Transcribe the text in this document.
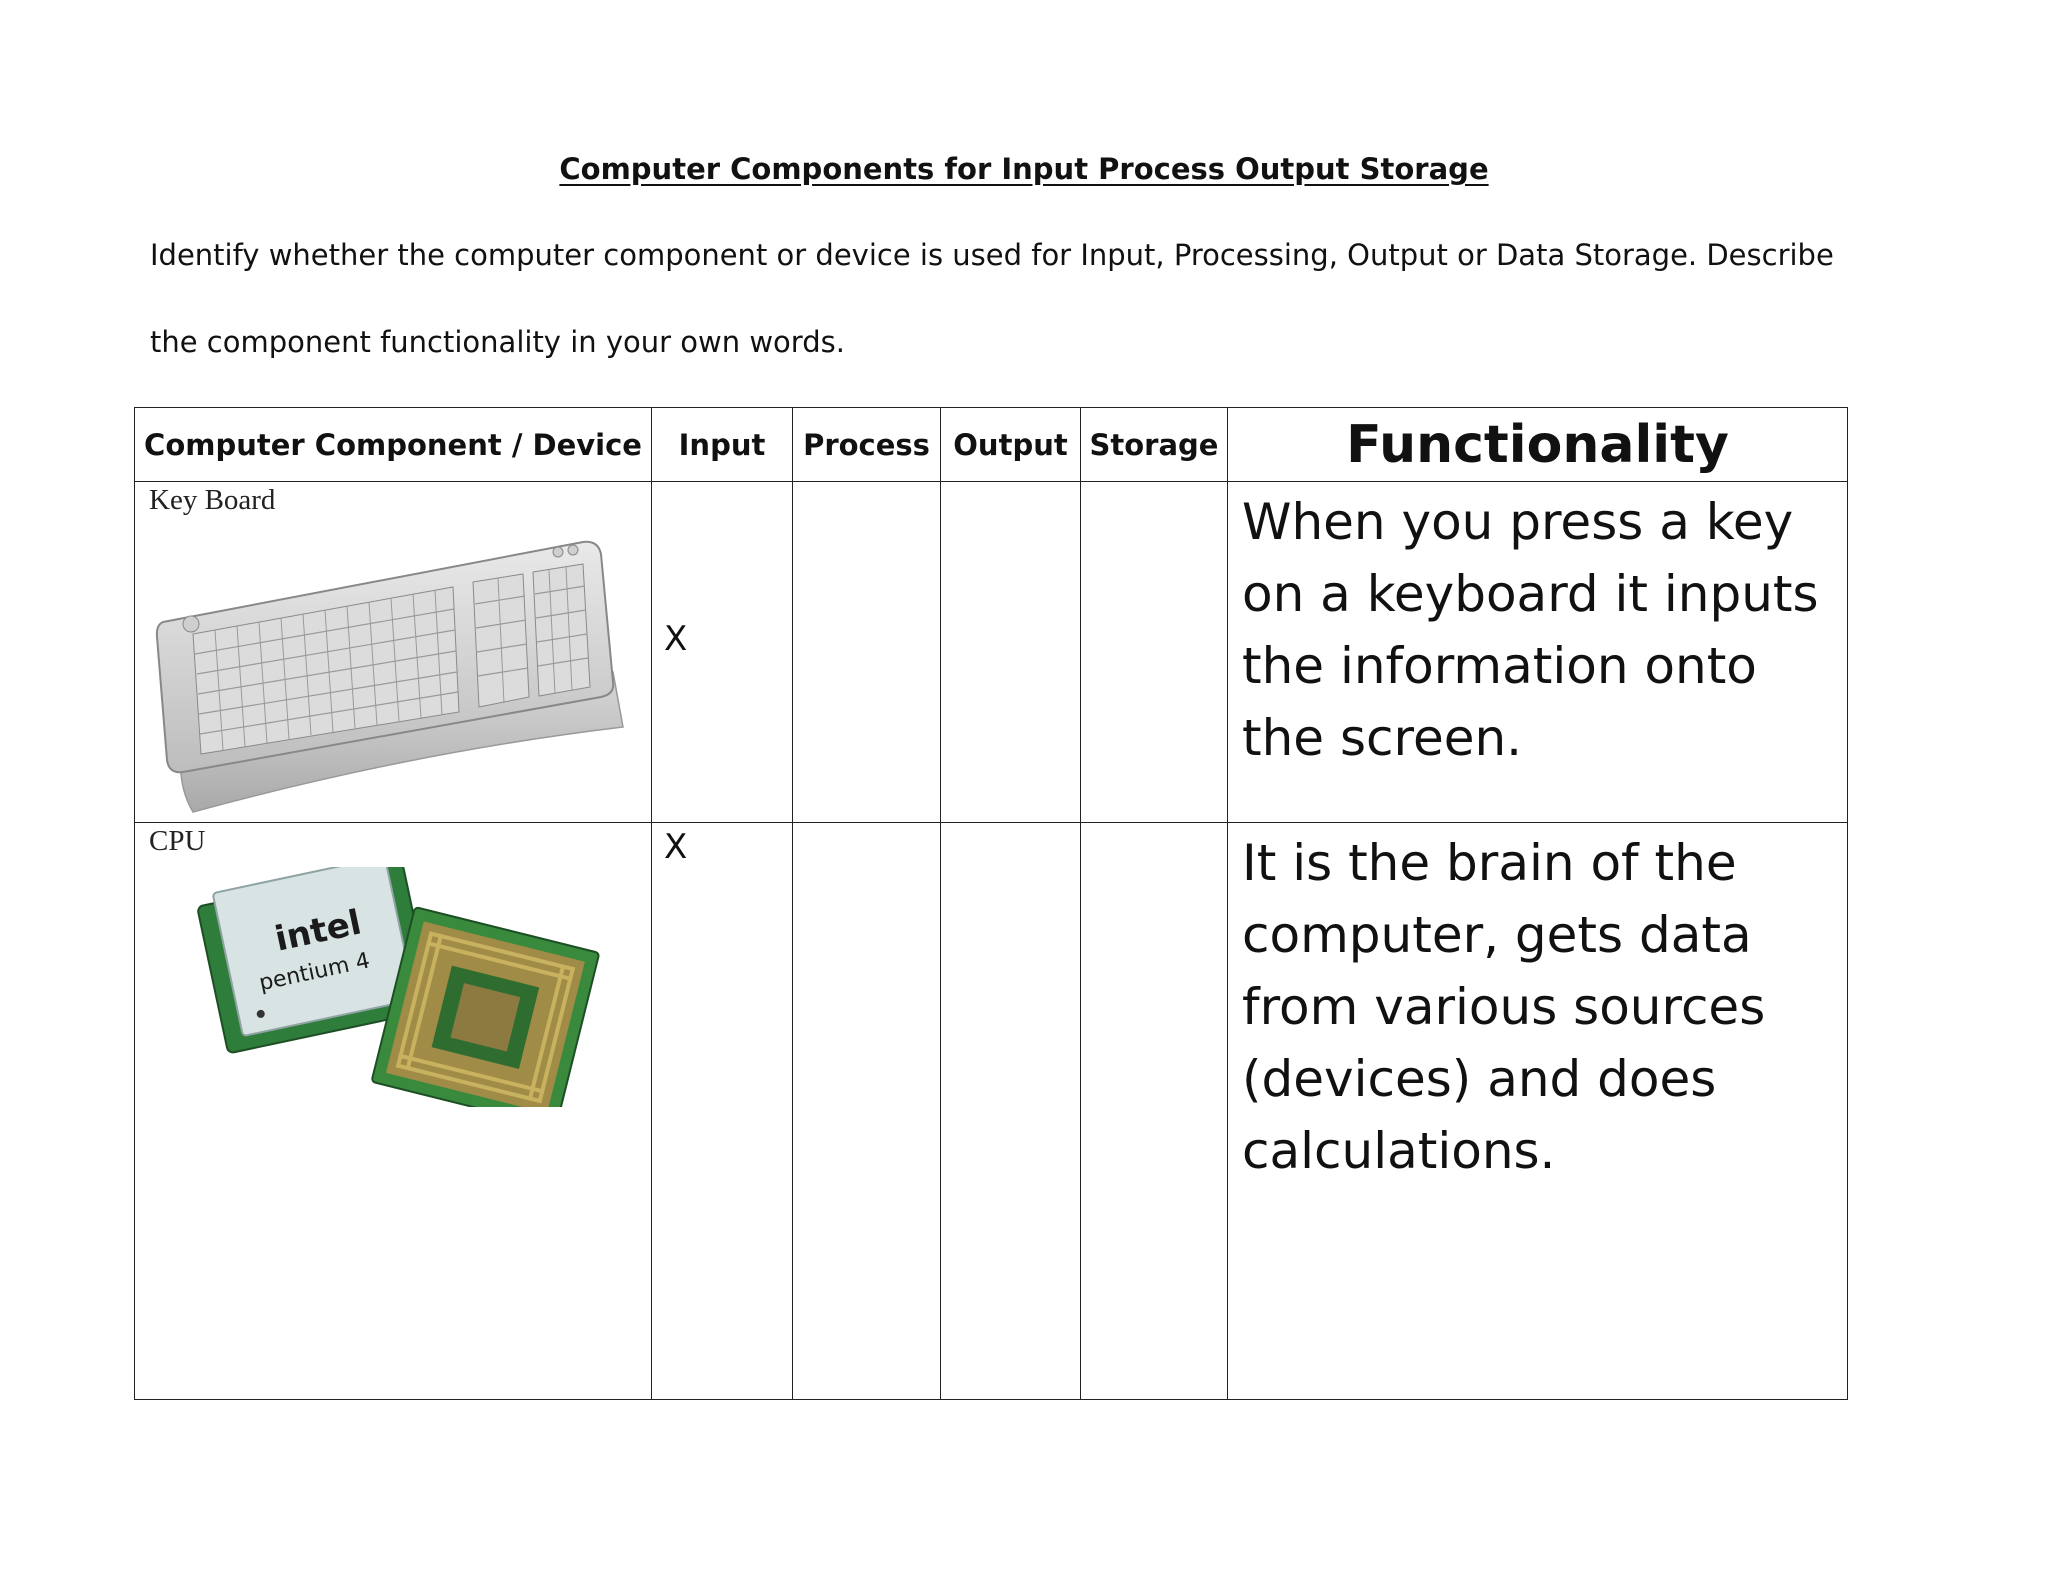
Computer Components for Input Process Output Storage
Identify whether the computer component or device is used for Input, Processing, Output or Data Storage. Describe
the component functionality in your own words.
Computer Component / Device	Input	Process	Output	Storage	Functionality

Key Board	X				When you press a key on a keyboard it inputs the information onto the screen.

CPU
intel
pentium 4	X				It is the brain of the computer, gets data from various sources (devices) and does calculations.
